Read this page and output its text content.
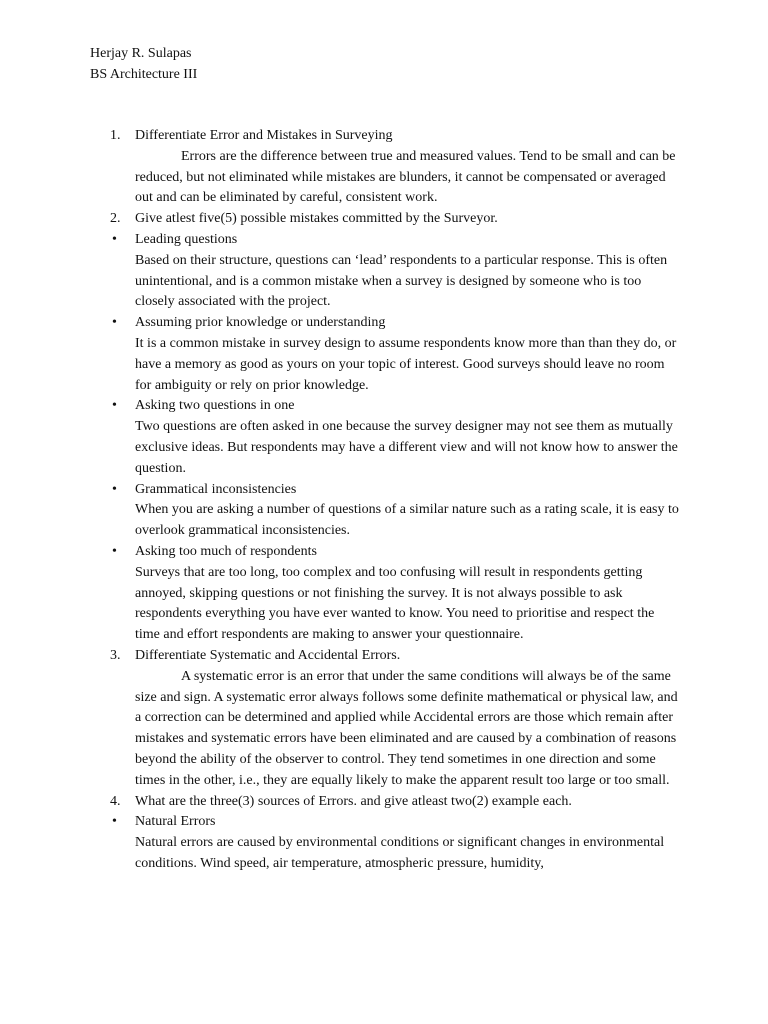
Herjay R. Sulapas
BS Architecture III
1.	Differentiate Error and Mistakes in Surveying
Errors are the difference between true and measured values. Tend to be small and can be reduced, but not eliminated while mistakes are blunders, it cannot be compensated or averaged out and can be eliminated by careful, consistent work.
2.	Give atlest five(5) possible mistakes committed by the Surveyor.
•	Leading questions
Based on their structure, questions can ‘lead’ respondents to a particular response. This is often unintentional, and is a common mistake when a survey is designed by someone who is too closely associated with the project.
•	Assuming prior knowledge or understanding
It is a common mistake in survey design to assume respondents know more than than they do, or have a memory as good as yours on your topic of interest. Good surveys should leave no room for ambiguity or rely on prior knowledge.
•	Asking two questions in one
Two questions are often asked in one because the survey designer may not see them as mutually exclusive ideas. But respondents may have a different view and will not know how to answer the question.
•	Grammatical inconsistencies
When you are asking a number of questions of a similar nature such as a rating scale, it is easy to overlook grammatical inconsistencies.
•	Asking too much of respondents
Surveys that are too long, too complex and too confusing will result in respondents getting annoyed, skipping questions or not finishing the survey. It is not always possible to ask respondents everything you have ever wanted to know. You need to prioritise and respect the time and effort respondents are making to answer your questionnaire.
3.	Differentiate Systematic and Accidental Errors.
A systematic error is an error that under the same conditions will always be of the same size and sign. A systematic error always follows some definite mathematical or physical law, and a correction can be determined and applied while Accidental errors are those which remain after mistakes and systematic errors have been eliminated and are caused by a combination of reasons beyond the ability of the observer to control. They tend sometimes in one direction and some times in the other, i.e., they are equally likely to make the apparent result too large or too small.
4.	What are the three(3) sources of Errors. and give atleast two(2) example each.
•	Natural Errors
Natural errors are caused by environmental conditions or significant changes in environmental conditions. Wind speed, air temperature, atmospheric pressure, humidity,
